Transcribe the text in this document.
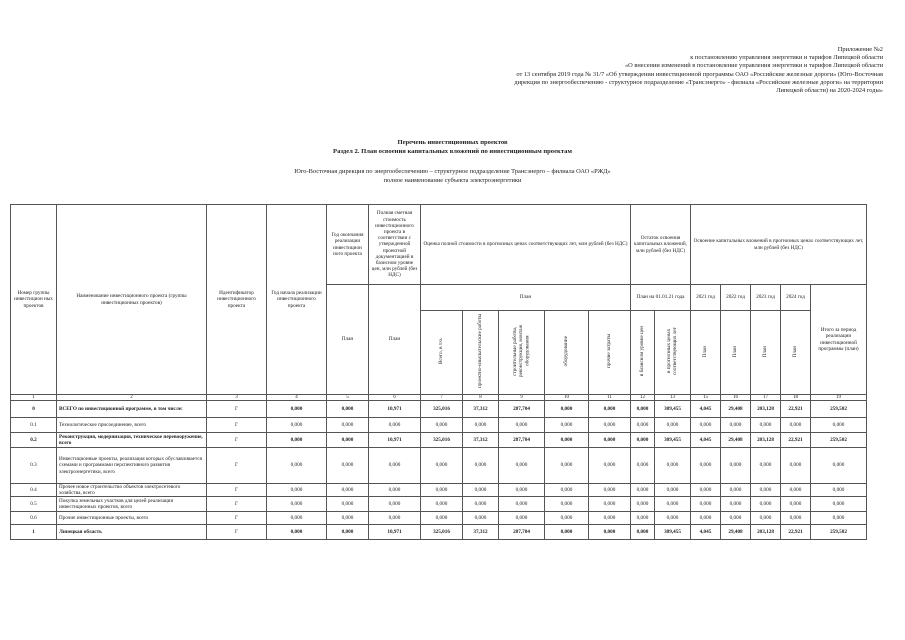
Приложение №2
к постановлению управления энергетики и тарифов Липецкой области
«О внесении изменений в постановление управления энергетики и тарифов Липецкой области
от 13 сентября 2019 года № 31/7 «Об утверждении инвестиционной программы ОАО «Российские железные дороги» (Юго-Восточная
дирекция по энергообеспечению - структурное подразделение «Трансэнерго» - филиала «Российские железные дороги» на территории
Липецкой области) на 2020-2024 годы»
Перечень инвестиционных проектов
Раздел 2. План освоения капитальных вложений по инвестиционным проектам
Юго-Восточная дирекция по энергообеспечению – структурное подразделение Трансэнерго – филиала ОАО «РЖД»
полное наименование субъекта электроэнергетики
Номер группы инвестицион ных проектов	Наименование инвестиционного проекта (группы инвестиционных проектов)	Идентификатор инвестиционного проекта	Год начала реализации инвестиционного проекта	Год окончания реализации инвестицион ного проекта	Полная сметная стоимость инвестиционного проекта в соответствии с утвержденной проектной документацией в базисном уровне цен, млн рублей (без НДС)	Оценка полной стоимости в прогнозных ценах соответствующих лет, млн рублей (без НДС)					Остаток освоения капитальных вложений, млн рублей (без НДС)		Освоение капитальных вложений в прогнозных ценах соответствующих лет, млн рублей (без НДС)				
				План	План	План					План на 01.01.21 года		2021 год	2022 год	2023 год	2024 год	Итого за период реализации инвестиционной программы (план)
						Всего, в т.ч.	проектно-изыскательские работы	строительные работы, реконструкция, монтаж оборудования	оборудование	прочие затраты	в базисном уровне цен	в прогнозных ценах соответствующих лет	План	План	План	План	
1	2	3	4	5	6	7	8	9	10	11	12	13	15	16	17	18	19
0	ВСЕГО по инвестиционной программе, в том числе:	Г	0,000	0,000	10,971	325,016	37,312	287,704	0,000	0,000	0,000	309,455	4,045	29,408	203,128	22,921	259,502
0.1	Технологическое присоединение, всего	Г	0,000	0,000	0,000	0,000	0,000	0,000	0,000	0,000	0,000	0,000	0,000	0,000	0,000	0,000	0,000
0.2	Реконструкция, модернизация, техническое перевооружение, всего	Г	0,000	0,000	10,971	325,016	37,312	287,704	0,000	0,000	0,000	309,455	4,045	29,408	203,128	22,921	259,502
0.3	Инвестиционные проекты, реализация которых обуславливается схемами и программами перспективного развития электроэнергетики, всего	Г	0,000	0,000	0,000	0,000	0,000	0,000	0,000	0,000	0,000	0,000	0,000	0,000	0,000	0,000	0,000
0.4	Прочее новое строительство объектов электросетевого хозяйства, всего	Г	0,000	0,000	0,000	0,000	0,000	0,000	0,000	0,000	0,000	0,000	0,000	0,000	0,000	0,000	0,000
0.5	Покупка земельных участков для целей реализации инвестиционных проектов, всего	Г	0,000	0,000	0,000	0,000	0,000	0,000	0,000	0,000	0,000	0,000	0,000	0,000	0,000	0,000	0,000
0.6	Прочие инвестиционные проекты, всего	Г	0,000	0,000	0,000	0,000	0,000	0,000	0,000	0,000	0,000	0,000	0,000	0,000	0,000	0,000	0,000
1	Липецкая область	Г	0,000	0,000	10,971	325,016	37,312	287,704	0,000	0,000	0,000	309,455	4,045	29,408	203,128	22,921	259,502
